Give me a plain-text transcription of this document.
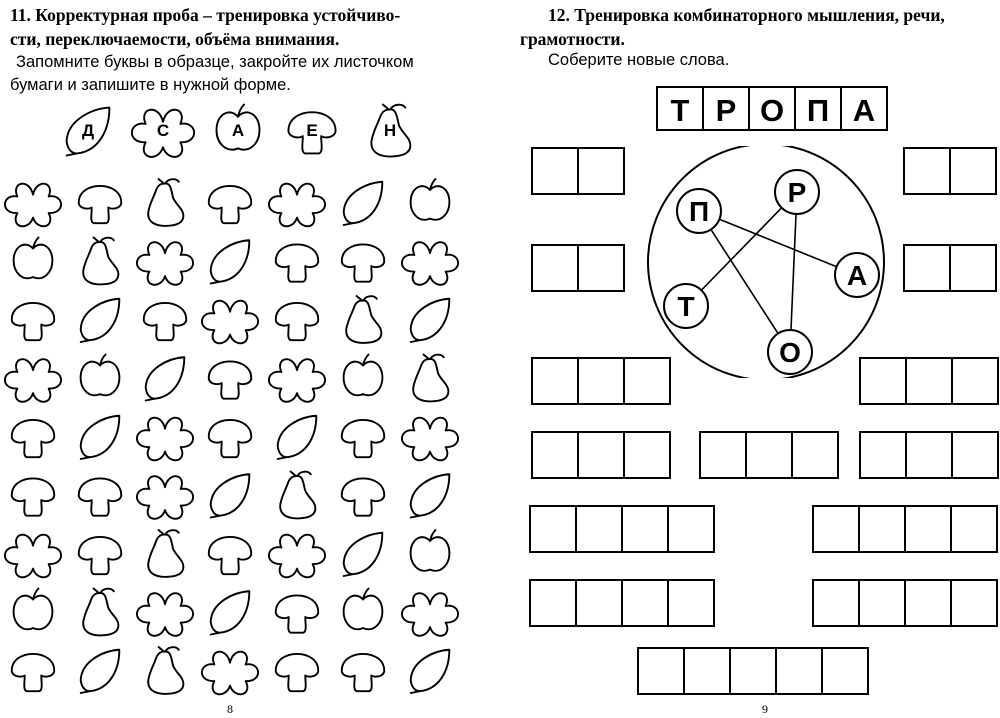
11. Корректурная проба – тренировка устойчиво-

сти, переключаемости, объёма внимания.

Запомните буквы в образце, закройте их листочком

бумаги и запишите в нужной форме.

Д	С	А	Е	Н
8

12. Тренировка комбинаторного мышления, речи,

грамотности.

Соберите новые слова.

Т Р О П А
П
Р
А
Т
О
9
